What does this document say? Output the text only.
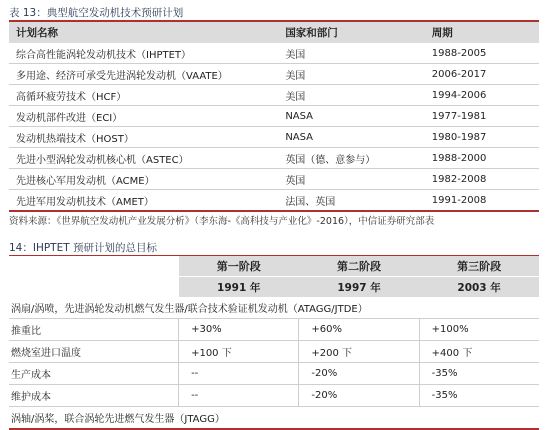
表 13：典型航空发动机技术预研计划
计划名称	国家和部门	周期
综合高性能涡轮发动机技术（IHPTET）	美国	1988-2005
多用途、经济可承受先进涡轮发动机（VAATE）	美国	2006-2017
高循环疲劳技术（HCF）	美国	1994-2006
发动机部件改进（ECI）	NASA	1977-1981
发动机热端技术（HOST）	NASA	1980-1987
先进小型涡轮发动机核心机（ASTEC）	英国（德、意参与）	1988-2000
先进核心军用发动机（ACME）	英国	1982-2008
先进军用发动机技术（AMET）	法国、英国	1991-2008
资料来源：《世界航空发动机产业发展分析》（李东海-《高科技与产业化》-2016），中信证券研究部表
14：IHPTET 预研计划的总目标
	第一阶段	第二阶段	第三阶段
	1991 年	1997 年	2003 年
涡扇/涡喷，先进涡轮发动机燃气发生器/联合技术验证机发动机（ATAGG/JTDE）			
推重比	+30%	+60%	+100%
燃烧室进口温度	+100 下	+200 下	+400 下
生产成本	--	-20%	-35%
维护成本	--	-20%	-35%
涡轴/涡桨，联合涡轮先进燃气发生器（JTAGG）			
